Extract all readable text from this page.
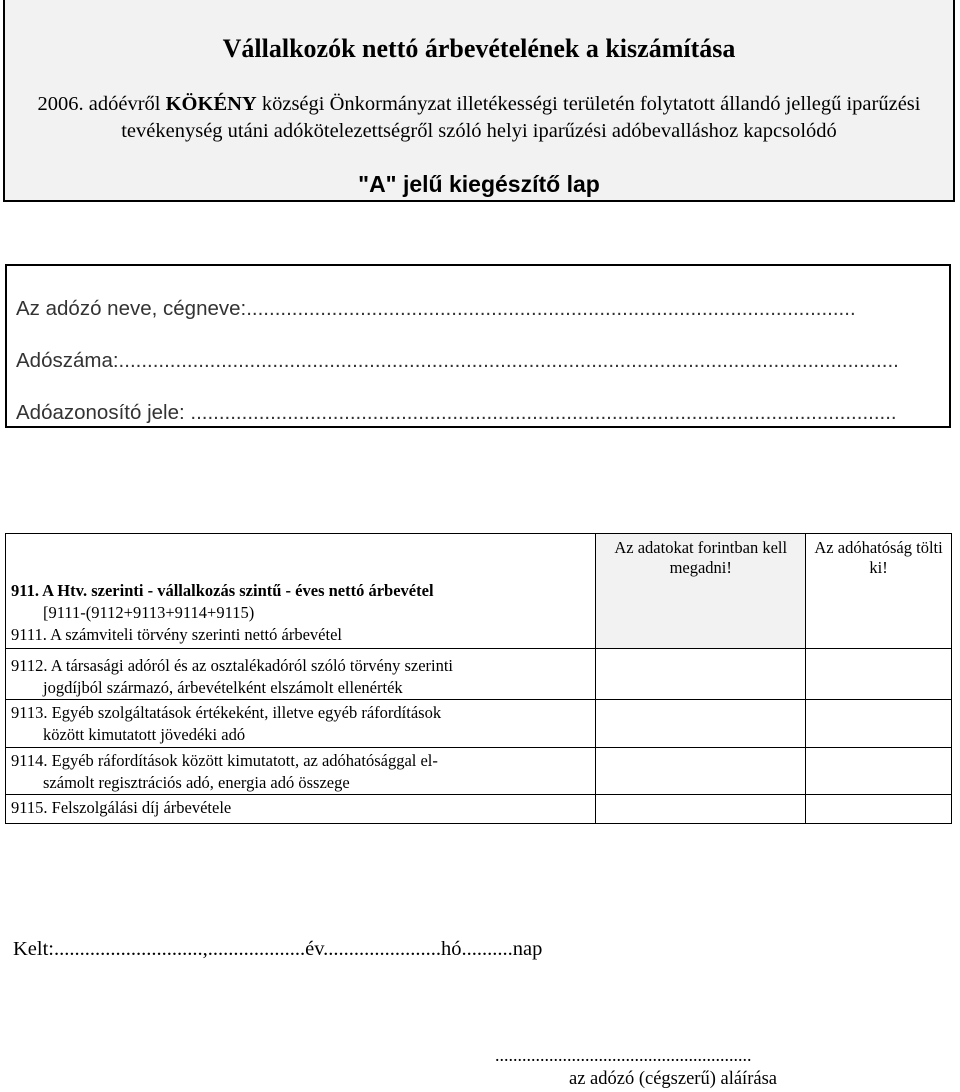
Vállalkozók nettó árbevételének a kiszámítása
2006. adóévről KÖKÉNY községi Önkormányzat illetékességi területén folytatott állandó jellegű iparűzési tevékenység utáni adókötelezettségről szóló helyi iparűzési adóbevalláshoz kapcsolódó
"A" jelű kiegészítő lap
Az adózó neve, cégneve:...........................................................................................................
Adószáma:.........................................................................................................................................
Adóazonosító jele: ............................................................................................................................
911. A Htv. szerinti - vállalkozás szintű - éves nettó árbevétel
[9111-(9112+9113+9114+9115)
9111. A számviteli törvény szerinti nettó árbevétel	Az adatokat forintban kell megadni!	Az adóhatóság tölti ki!

9112. A társasági adóról és az osztalékadóról szóló törvény szerinti
jogdíjból származó, árbevételként elszámolt ellenérték		

9113. Egyéb szolgáltatások értékeként, illetve egyéb ráfordítások
között kimutatott jövedéki adó		

9114. Egyéb ráfordítások között kimutatott, az adóhatósággal el-
számolt regisztrációs adó, energia adó összege		

9115. Felszolgálási díj árbevétele		

Kelt:.............................,...................év.......................hó..........nap
.........................................................
az adózó (cégszerű) aláírása
